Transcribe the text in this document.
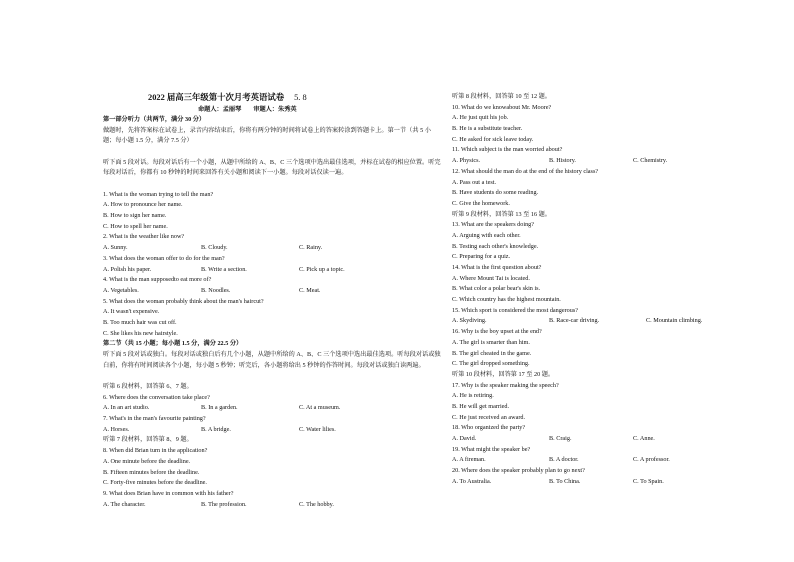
2022 届高三年级第十次月考英语试卷 5. 8
命题人：孟丽琴 审题人：朱秀英
第一部分听力（共两节，满分 30 分）
做题时，先将答案标在试卷上，录音内容结束后，你将有两分钟的时间将试卷上的答案转涂到答题卡上。第一节（共 5 小题；每小题 1.5 分，满分 7.5 分）
听下面 5 段对话。每段对话后有一个小题，从题中所给的 A、B、C 三个选项中选出最佳选项，并标在试卷的相应位置。听完每段对话后，你都有 10 秒钟的时间来回答有关小题和阅读下一小题。每段对话仅读一遍。
1. What is the woman trying to tell the man?
A. How to pronounce her name.
B. How to sign her name.
C. How to spell her name.
2. What is the weather like now?
A. Sunny.	B. Cloudy.	C. Rainy.
3. What does the woman offer to do for the man?
A. Polish his paper.	B. Write a section.	C. Pick up a topic.
4. What is the man supposedto eat more of?
A. Vegetables.	B. Noodles.	C. Meat.
5. What does the woman probably think about the man's haircut?
A. It wasn't expensive.
B. Too much hair was cut off.
C. She likes his new hairstyle.
第二节（共 15 小题；每小题 1.5 分，满分 22.5 分）
听下面 5 段对话或独白。每段对话或独白后有几个小题，从题中所给的 A、B、C 三个选项中选出最佳选项。听每段对话或独白前，你将有时间阅读各个小题，每小题 5 秒钟；听完后，各小题将给出 5 秒钟的作答时间。每段对话或独白读两遍。
听第 6 段材料，回答第 6、7 题。
6. Where does the conversation take place?
A. In an art studio.	B. In a garden.	C. At a museum.
7. What's in the man's favourite painting?
A. Horses.	B. A bridge.	C. Water lilies.
听第 7 段材料，回答第 8、9 题。
8. When did Brian turn in the application?
A. One minute before the deadline.
B. Fifteen minutes before the deadline.
C. Forty-five minutes before the deadline.
9. What does Brian have in common with his father?
A. The character.	B. The profession.	C. The hobby.
听第 8 段材料，回答第 10 至 12 题。
10. What do we knowabout Mr. Moore?
A. He just quit his job.
B. He is a substitute teacher.
C. He asked for sick leave today.
11. Which subject is the man worried about?
A. Physics.	B. History.	C. Chemistry.
12. What should the man do at the end of the history class?
A. Pass out a test.
B. Have students do some reading.
C. Give the homework.
听第 9 段材料，回答第 13 至 16 题。
13. What are the speakers doing?
A. Arguing with each other.
B. Testing each other's knowledge.
C. Preparing for a quiz.
14. What is the first question about?
A. Where Mount Tai is located.
B. What color a polar bear's skin is.
C. Which country has the highest mountain.
15. Which sport is considered the most dangerous?
A. Skydiving.	B. Race-car driving.	C. Mountain climbing.
16. Why is the boy upset at the end?
A. The girl is smarter than him.
B. The girl cheated in the game.
C. The girl dropped something.
听第 10 段材料，回答第 17 至 20 题。
17. Why is the speaker making the speech?
A. He is retiring.
B. He will get married.
C. He just received an award.
18. Who organized the party?
A. David.	B. Craig.	C. Anne.
19. What might the speaker be?
A. A fireman.	B. A doctor.	C. A professor.
20. Where does the speaker probably plan to go next?
A. To Australia.	B. To China.	C. To Spain.
